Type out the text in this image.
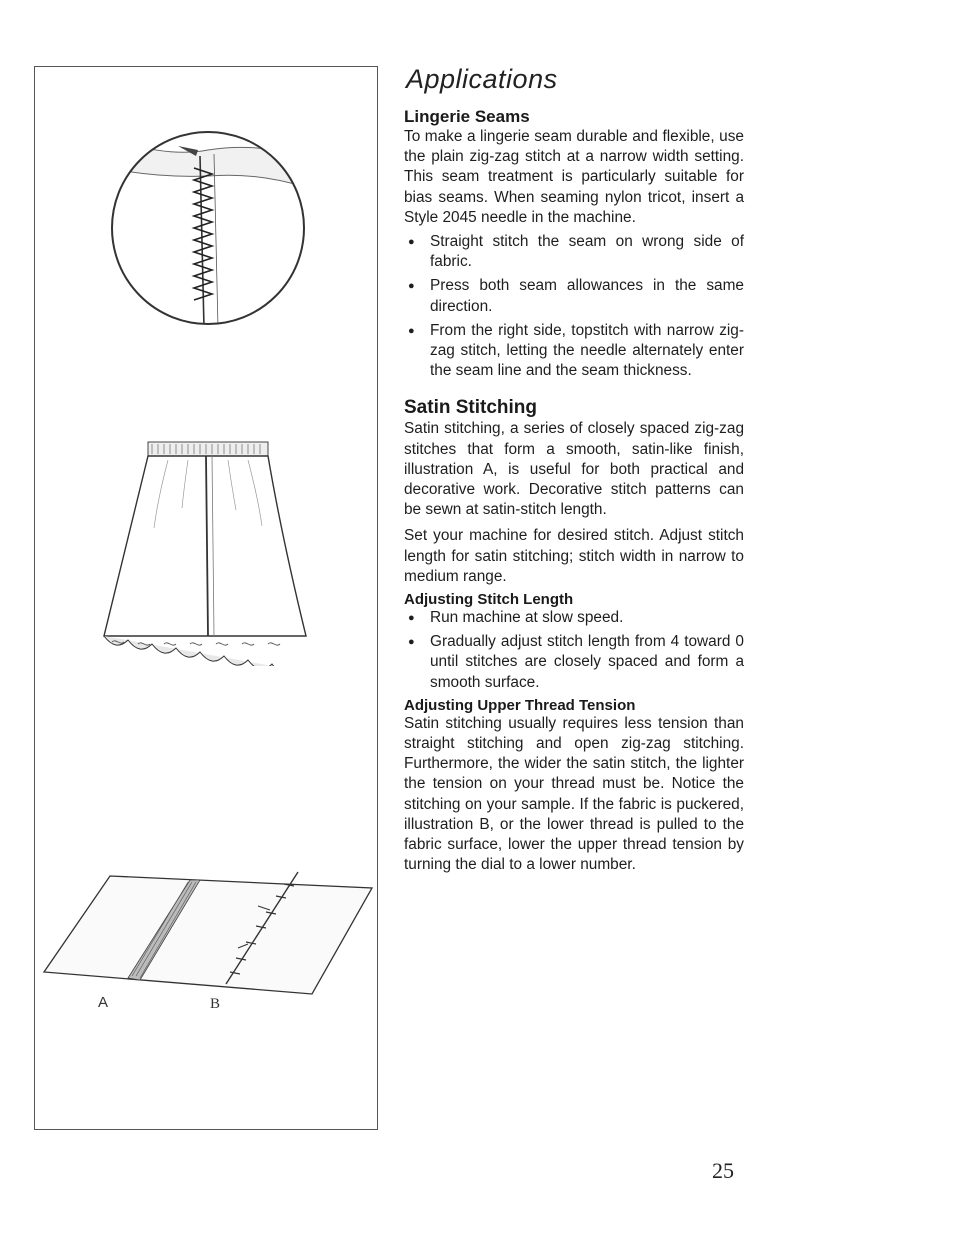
A	B
Applications
Lingerie Seams

To make a lingerie seam durable and flexible, use the plain zig-zag stitch at a narrow width setting. This seam treatment is particularly suitable for bias seams. When seaming nylon tricot, insert a Style 2045 needle in the machine.

● Straight stitch the seam on wrong side of fabric.
● Press both seam allowances in the same direction.
● From the right side, topstitch with narrow zig-zag stitch, letting the needle alternately enter the seam line and the seam thickness.
Satin Stitching

Satin stitching, a series of closely spaced zig-zag stitches that form a smooth, satin-like finish, illustration A, is useful for both practical and decorative work. Decorative stitch patterns can be sewn at satin-stitch length.

Set your machine for desired stitch. Adjust stitch length for satin stitching; stitch width in narrow to medium range.

Adjusting Stitch Length
● Run machine at slow speed.
● Gradually adjust stitch length from 4 toward 0 until stitches are closely spaced and form a smooth surface.
Adjusting Upper Thread Tension

Satin stitching usually requires less tension than straight stitching and open zig-zag stitching. Furthermore, the wider the satin stitch, the lighter the tension on your thread must be. Notice the stitching on your sample. If the fabric is puckered, illustration B, or the lower thread is pulled to the fabric surface, lower the upper thread tension by turning the dial to a lower number.

25
